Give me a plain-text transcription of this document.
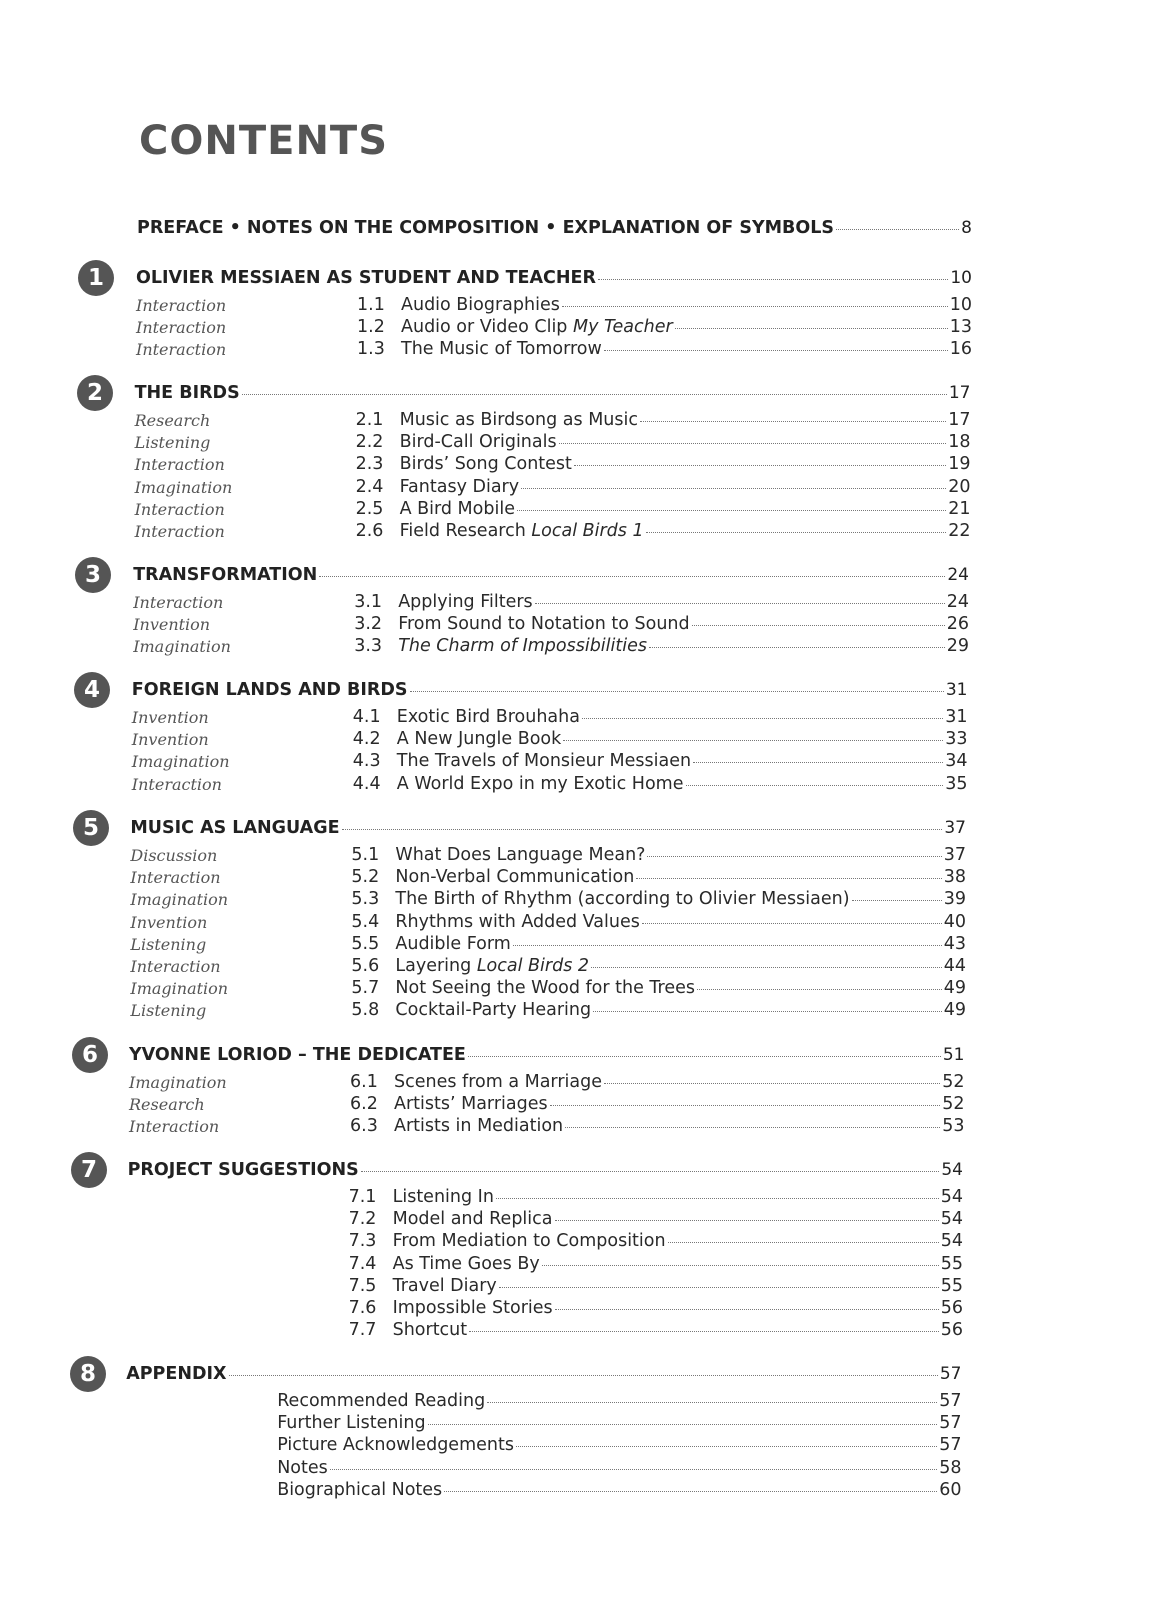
CONTENTS
PREFACE • NOTES ON THE COMPOSITION • EXPLANATION OF SYMBOLS	8
1	OLIVIER MESSIAEN AS STUDENT AND TEACHER	10
Interaction	1.1 Audio Biographies	10
Interaction	1.2 Audio or Video Clip My Teacher	13
Interaction	1.3 The Music of Tomorrow	16
2	THE BIRDS	17
Research	2.1 Music as Birdsong as Music	17
Listening	2.2 Bird-Call Originals	18
Interaction	2.3 Birds’ Song Contest	19
Imagination	2.4 Fantasy Diary	20
Interaction	2.5 A Bird Mobile	21
Interaction	2.6 Field Research Local Birds 1	22
3	TRANSFORMATION	24
Interaction	3.1 Applying Filters	24
Invention	3.2 From Sound to Notation to Sound	26
Imagination	3.3 The Charm of Impossibilities	29
4	FOREIGN LANDS AND BIRDS	31
Invention	4.1 Exotic Bird Brouhaha	31
Invention	4.2 A New Jungle Book	33
Imagination	4.3 The Travels of Monsieur Messiaen	34
Interaction	4.4 A World Expo in my Exotic Home	35
5	MUSIC AS LANGUAGE	37
Discussion	5.1 What Does Language Mean?	37
Interaction	5.2 Non-Verbal Communication	38
Imagination	5.3 The Birth of Rhythm (according to Olivier Messiaen)	39
Invention	5.4 Rhythms with Added Values	40
Listening	5.5 Audible Form	43
Interaction	5.6 Layering Local Birds 2	44
Imagination	5.7 Not Seeing the Wood for the Trees	49
Listening	5.8 Cocktail-Party Hearing	49
6	YVONNE LORIOD – THE DEDICATEE	51
Imagination	6.1 Scenes from a Marriage	52
Research	6.2 Artists’ Marriages	52
Interaction	6.3 Artists in Mediation	53
7	PROJECT SUGGESTIONS	54
7.1 Listening In	54
7.2 Model and Replica	54
7.3 From Mediation to Composition	54
7.4 As Time Goes By	55
7.5 Travel Diary	55
7.6 Impossible Stories	56
7.7 Shortcut	56
8	APPENDIX	57
Recommended Reading	57
Further Listening	57
Picture Acknowledgements	57
Notes	58
Biographical Notes	60
